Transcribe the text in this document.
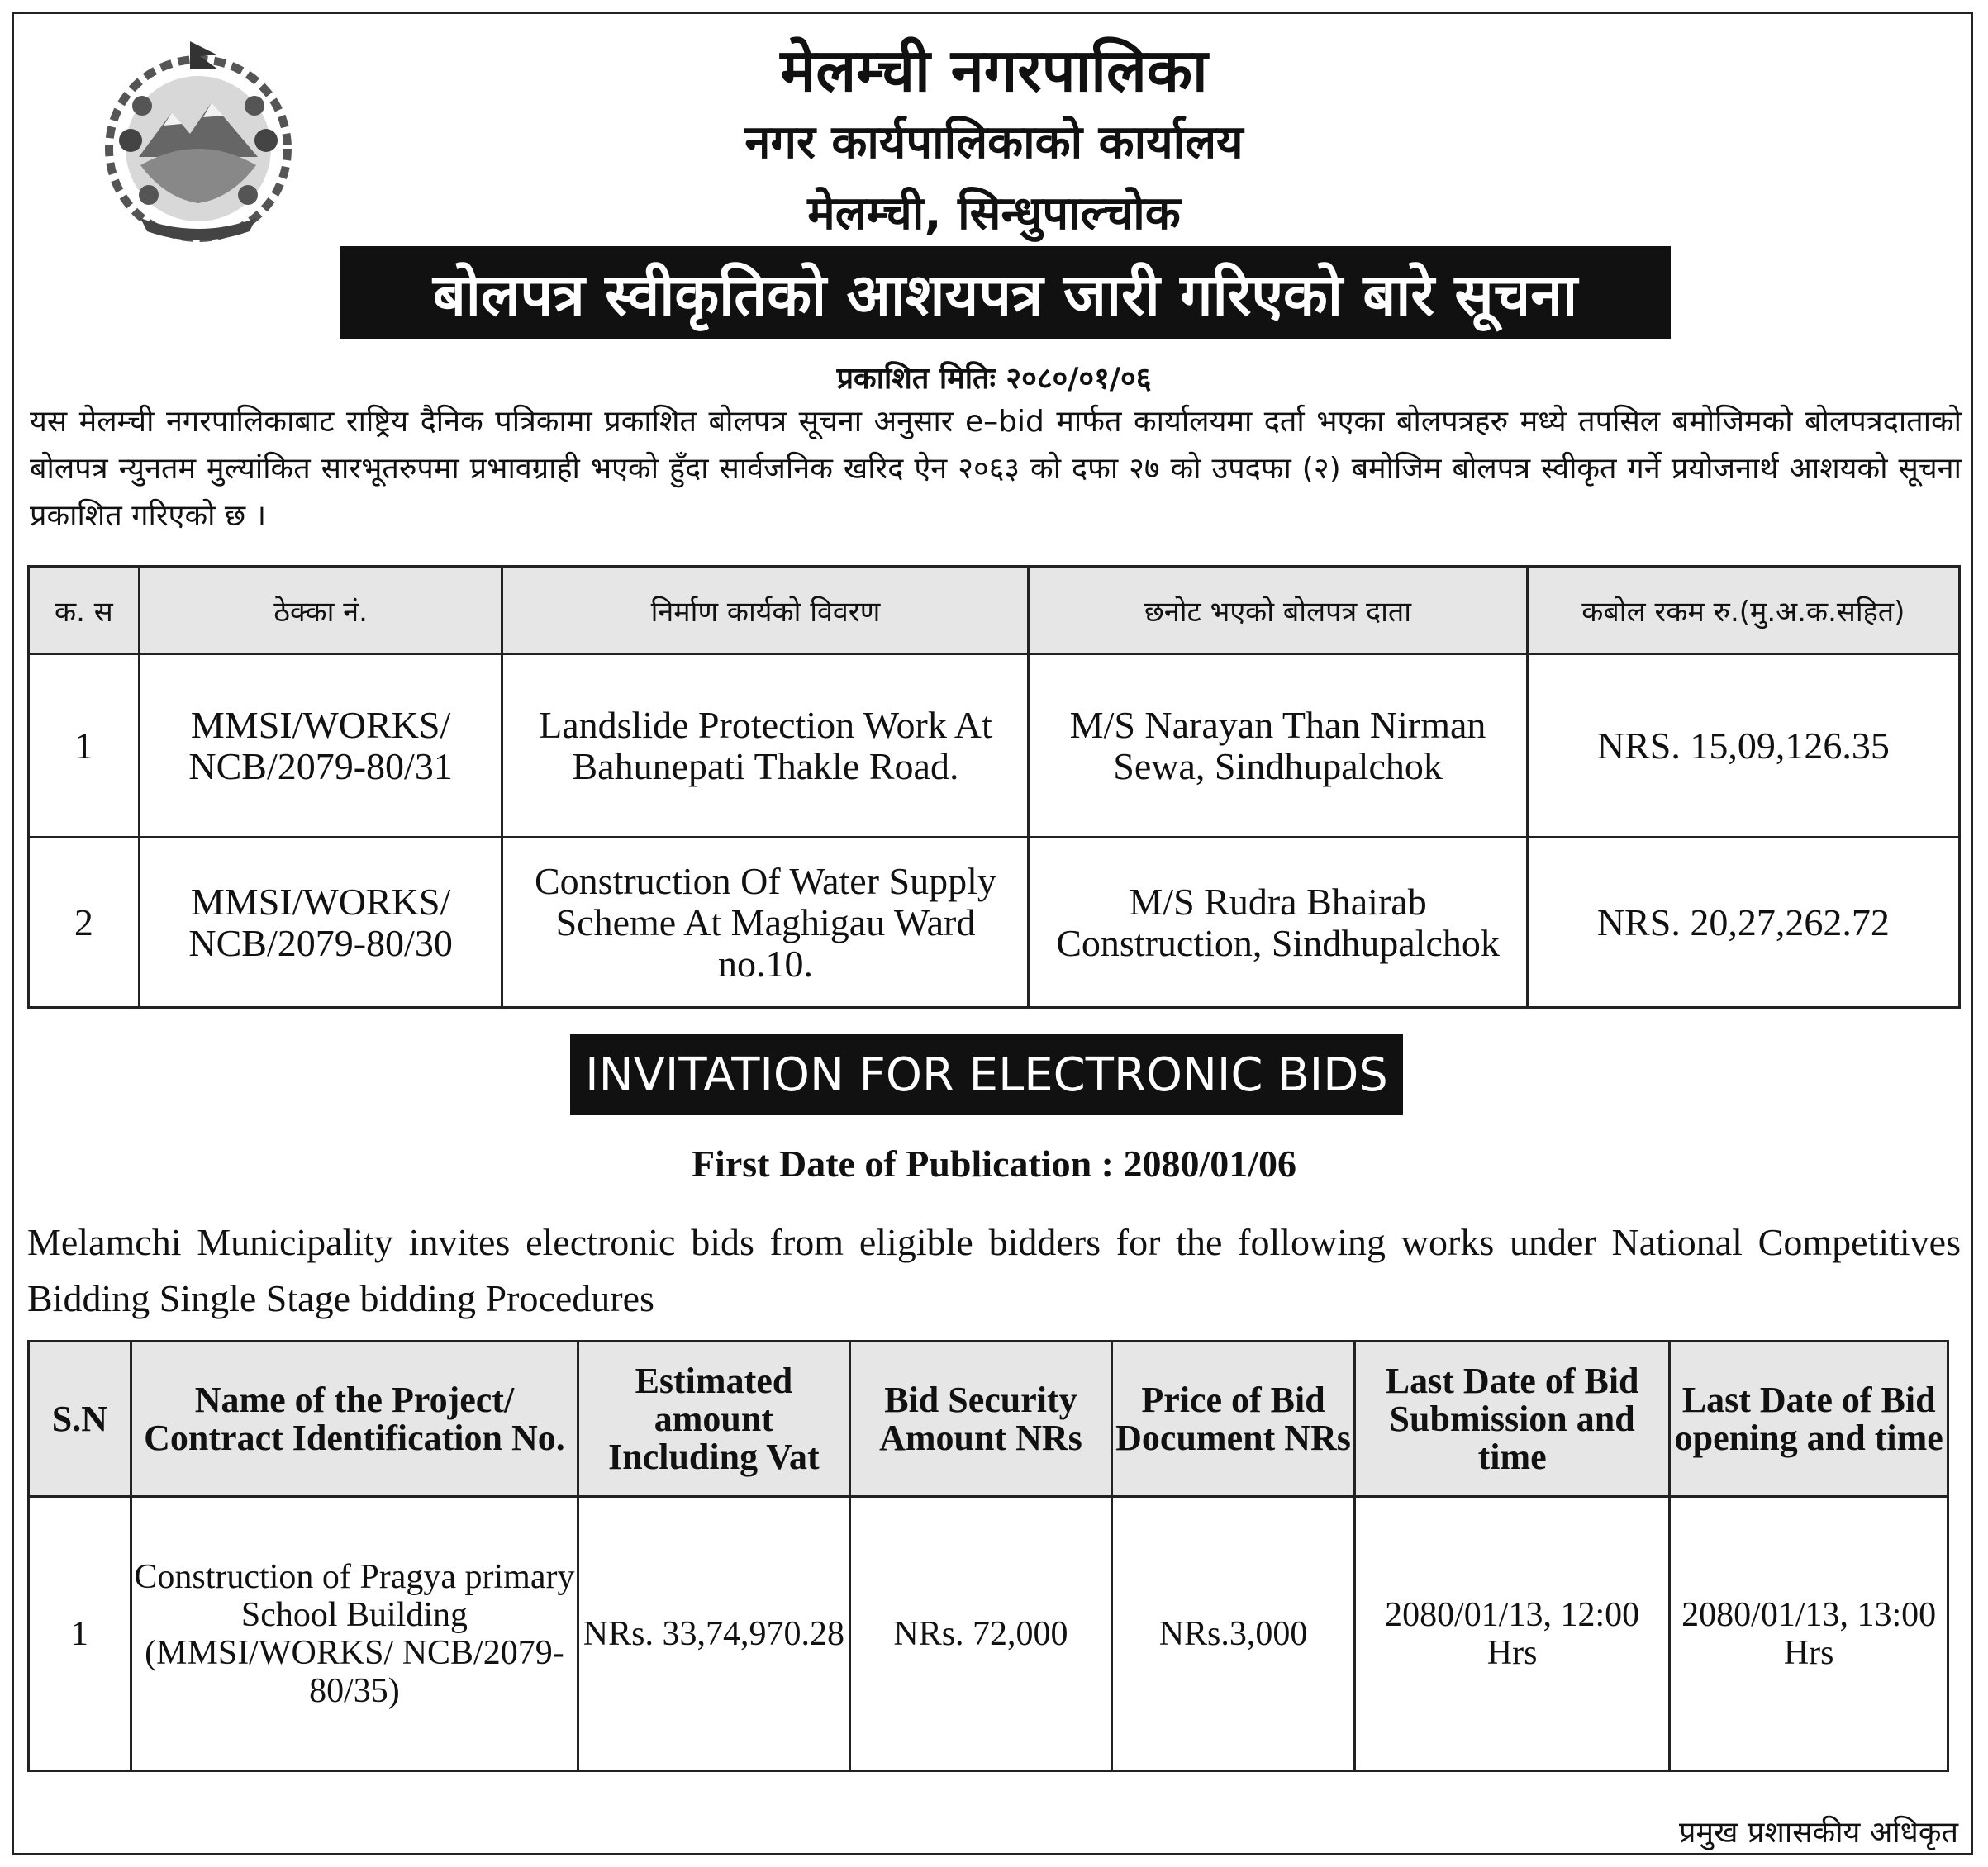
मेलम्ची नगरपालिका
नगर कार्यपालिकाको कार्यालय
मेलम्ची, सिन्धुपाल्चोक
बोलपत्र स्वीकृतिको आशयपत्र जारी गरिएको बारे सूचना
प्रकाशित मितिः २०८०/०१/०६
यस मेलम्ची नगरपालिकाबाट राष्ट्रिय दैनिक पत्रिकामा प्रकाशित बोलपत्र सूचना अनुसार e–bid मार्फत कार्यालयमा दर्ता भएका बोलपत्रहरु मध्ये तपसिल बमोजिमको बोलपत्रदाताको बोलपत्र न्युनतम मुल्यांकित सारभूतरुपमा प्रभावग्राही भएको हुँदा सार्वजनिक खरिद ऐन २०६३ को दफा २७ को उपदफा (२) बमोजिम बोलपत्र स्वीकृत गर्ने प्रयोजनार्थ आशयको सूचना प्रकाशित गरिएको छ ।
क. स	ठेक्का नं.	निर्माण कार्यको विवरण	छनोट भएको बोलपत्र दाता	कबोल रकम रु.(मु.अ.क.सहित)
1	MMSI/WORKS/ NCB/2079-80/31	Landslide Protection Work At Bahunepati Thakle Road.	M/S Narayan Than Nirman Sewa, Sindhupalchok	NRS. 15,09,126.35
2	MMSI/WORKS/ NCB/2079-80/30	Construction Of Water Supply Scheme At Maghigau Ward no.10.	M/S Rudra Bhairab Construction, Sindhupalchok	NRS. 20,27,262.72
INVITATION FOR ELECTRONIC BIDS
First Date of Publication : 2080/01/06
Melamchi Municipality invites electronic bids from eligible bidders for the following works under National Competitives Bidding Single Stage bidding Procedures
S.N	Name of the Project/ Contract Identification No.	Estimated amount Including Vat	Bid Security Amount NRs	Price of Bid Document NRs	Last Date of Bid Submission and time	Last Date of Bid opening and time
1	Construction of Pragya primary School Building (MMSI/WORKS/ NCB/2079-80/35)	NRs. 33,74,970.28	NRs. 72,000	NRs.3,000	2080/01/13, 12:00 Hrs	2080/01/13, 13:00 Hrs
प्रमुख प्रशासकीय अधिकृत
